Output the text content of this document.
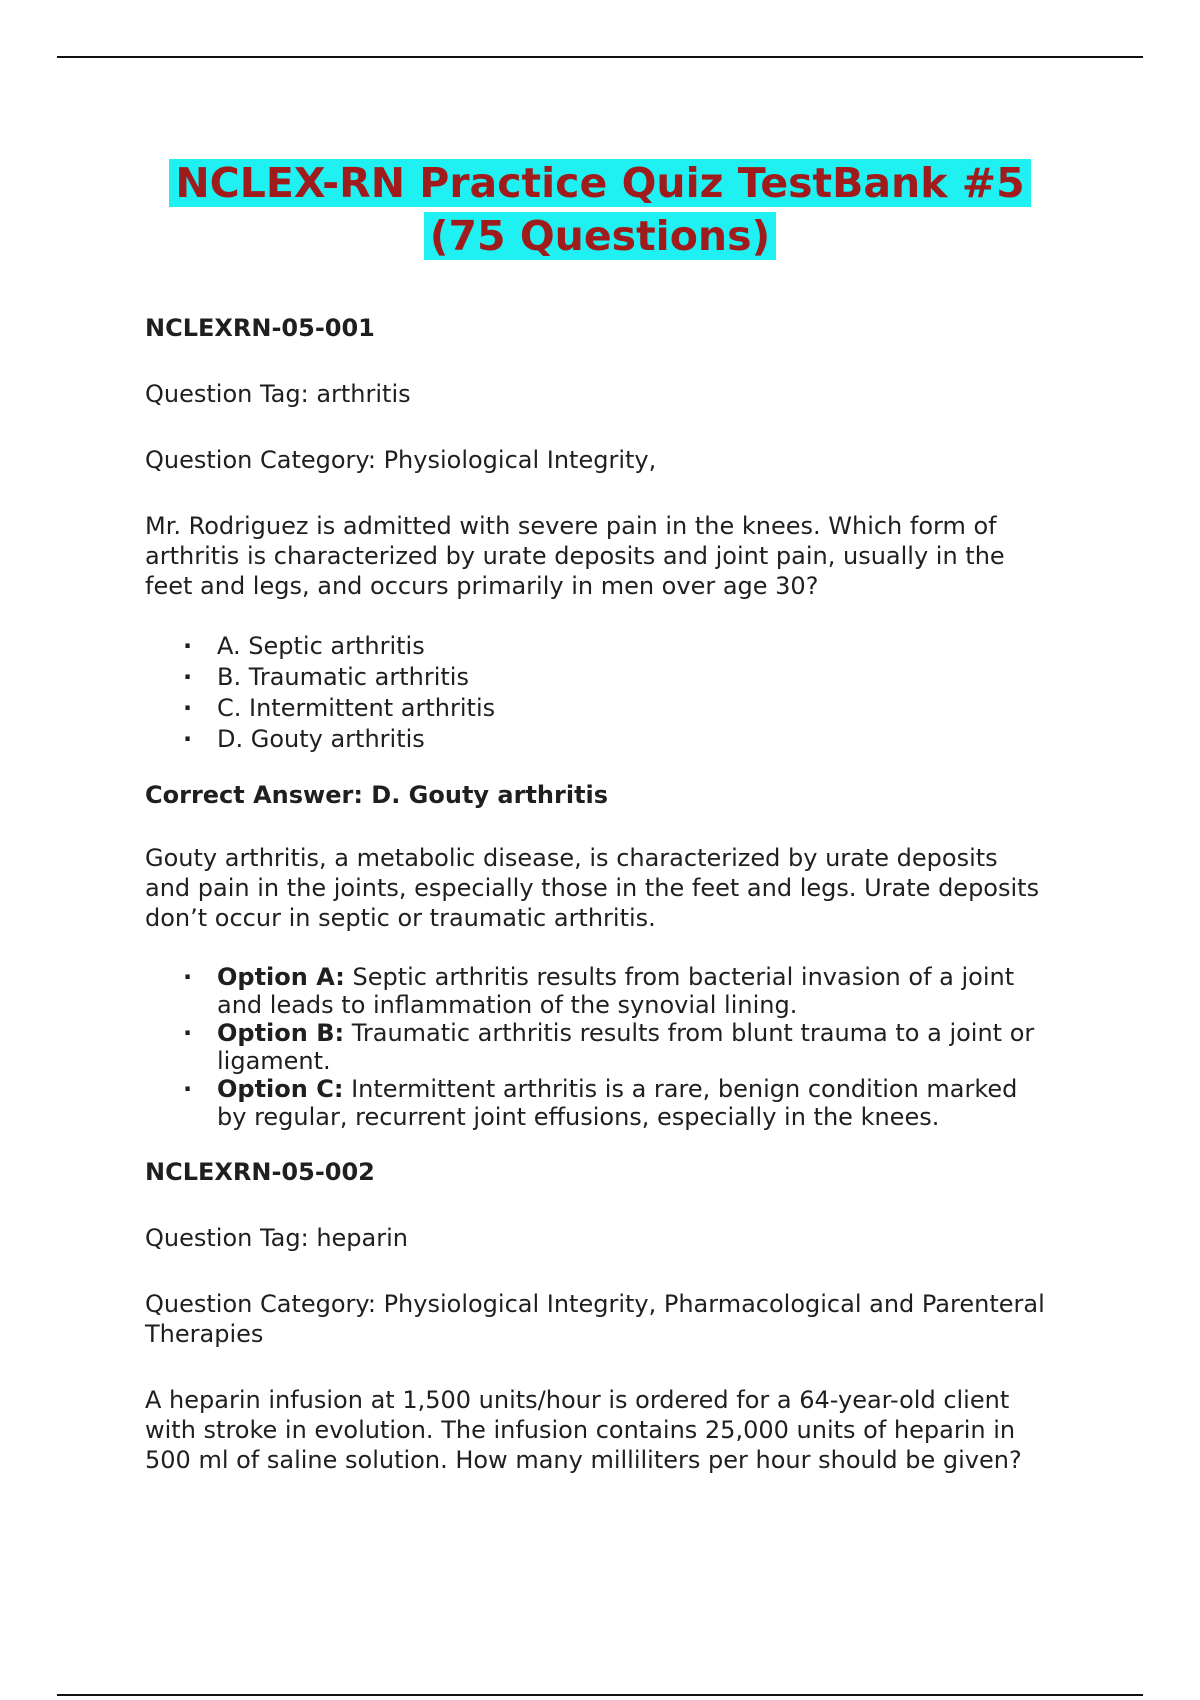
NCLEX-RN Practice Quiz TestBank #5
(75 Questions)

NCLEXRN-05-001

Question Tag: arthritis

Question Category: Physiological Integrity,

Mr. Rodriguez is admitted with severe pain in the knees. Which form of arthritis is characterized by urate deposits and joint pain, usually in the feet and legs, and occurs primarily in men over age 30?

· A. Septic arthritis
· B. Traumatic arthritis
· C. Intermittent arthritis
· D. Gouty arthritis

Correct Answer: D. Gouty arthritis

Gouty arthritis, a metabolic disease, is characterized by urate deposits and pain in the joints, especially those in the feet and legs. Urate deposits don’t occur in septic or traumatic arthritis.

· Option A: Septic arthritis results from bacterial invasion of a joint and leads to inflammation of the synovial lining.
· Option B: Traumatic arthritis results from blunt trauma to a joint or ligament.
· Option C: Intermittent arthritis is a rare, benign condition marked by regular, recurrent joint effusions, especially in the knees.

NCLEXRN-05-002

Question Tag: heparin

Question Category: Physiological Integrity, Pharmacological and Parenteral Therapies

A heparin infusion at 1,500 units/hour is ordered for a 64-year-old client with stroke in evolution. The infusion contains 25,000 units of heparin in 500 ml of saline solution. How many milliliters per hour should be given?
